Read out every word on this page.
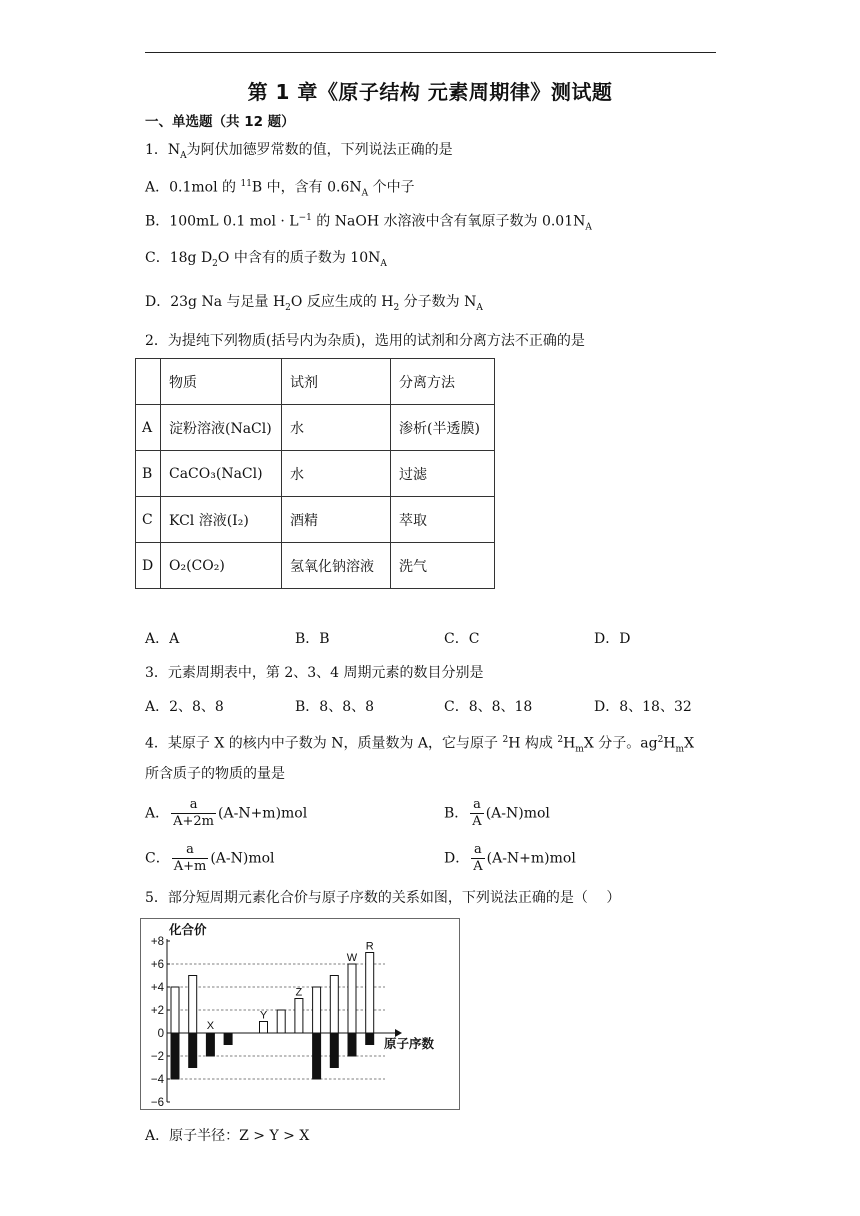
第 1 章《原子结构 元素周期律》测试题
一、单选题（共 12 题）
1．$N_A$为阿伏加德罗常数的值，下列说法正确的是
A．0.1mol 的 $^{11}$B 中，含有 $0.6N_A$ 个中子
B．100mL 0.1 mol · $L^{-1}$ 的 NaOH 水溶液中含有氧原子数为 $0.01N_A$
C．18g $D_2O$ 中含有的质子数为 $10N_A$
D．23g Na 与足量 $H_2O$ 反应生成的 $H_2$ 分子数为 $N_A$
2．为提纯下列物质(括号内为杂质)，选用的试剂和分离方法不正确的是
	物质	试剂	分离方法
A	淀粉溶液(NaCl)	水	渗析(半透膜)
B	CaCO₃(NaCl)	水	过滤
C	KCl 溶液(I₂)	酒精	萃取
D	O₂(CO₂)	氢氧化钠溶液	洗气
A．A	B．B	C．C	D．D
3．元素周期表中，第 2、3、4 周期元素的数目分别是
A．2、8、8	B．8、8、8	C．8、8、18	D．8、18、32
4．某原子 X 的核内中子数为 N，质量数为 A，它与原子 $^2$H 构成 $^2H_mX$ 分子。$ag^2H_mX$
所含质子的物质的量是
A． $\frac{a}{A+2m} (A-N+m)mol$	B． $\frac{a}{A} (A-N)mol$
C． $\frac{a}{A+m} (A-N)mol$	D． $\frac{a}{A} (A-N+m)mol$
5．部分短周期元素化合价与原子序数的关系如图，下列说法正确的是（　 ）
化合价
+8
+6
+4
+2
0
−2
−4
−6
原子序数
Y
Z
W
R
X
A．原子半径：Z > Y > X
